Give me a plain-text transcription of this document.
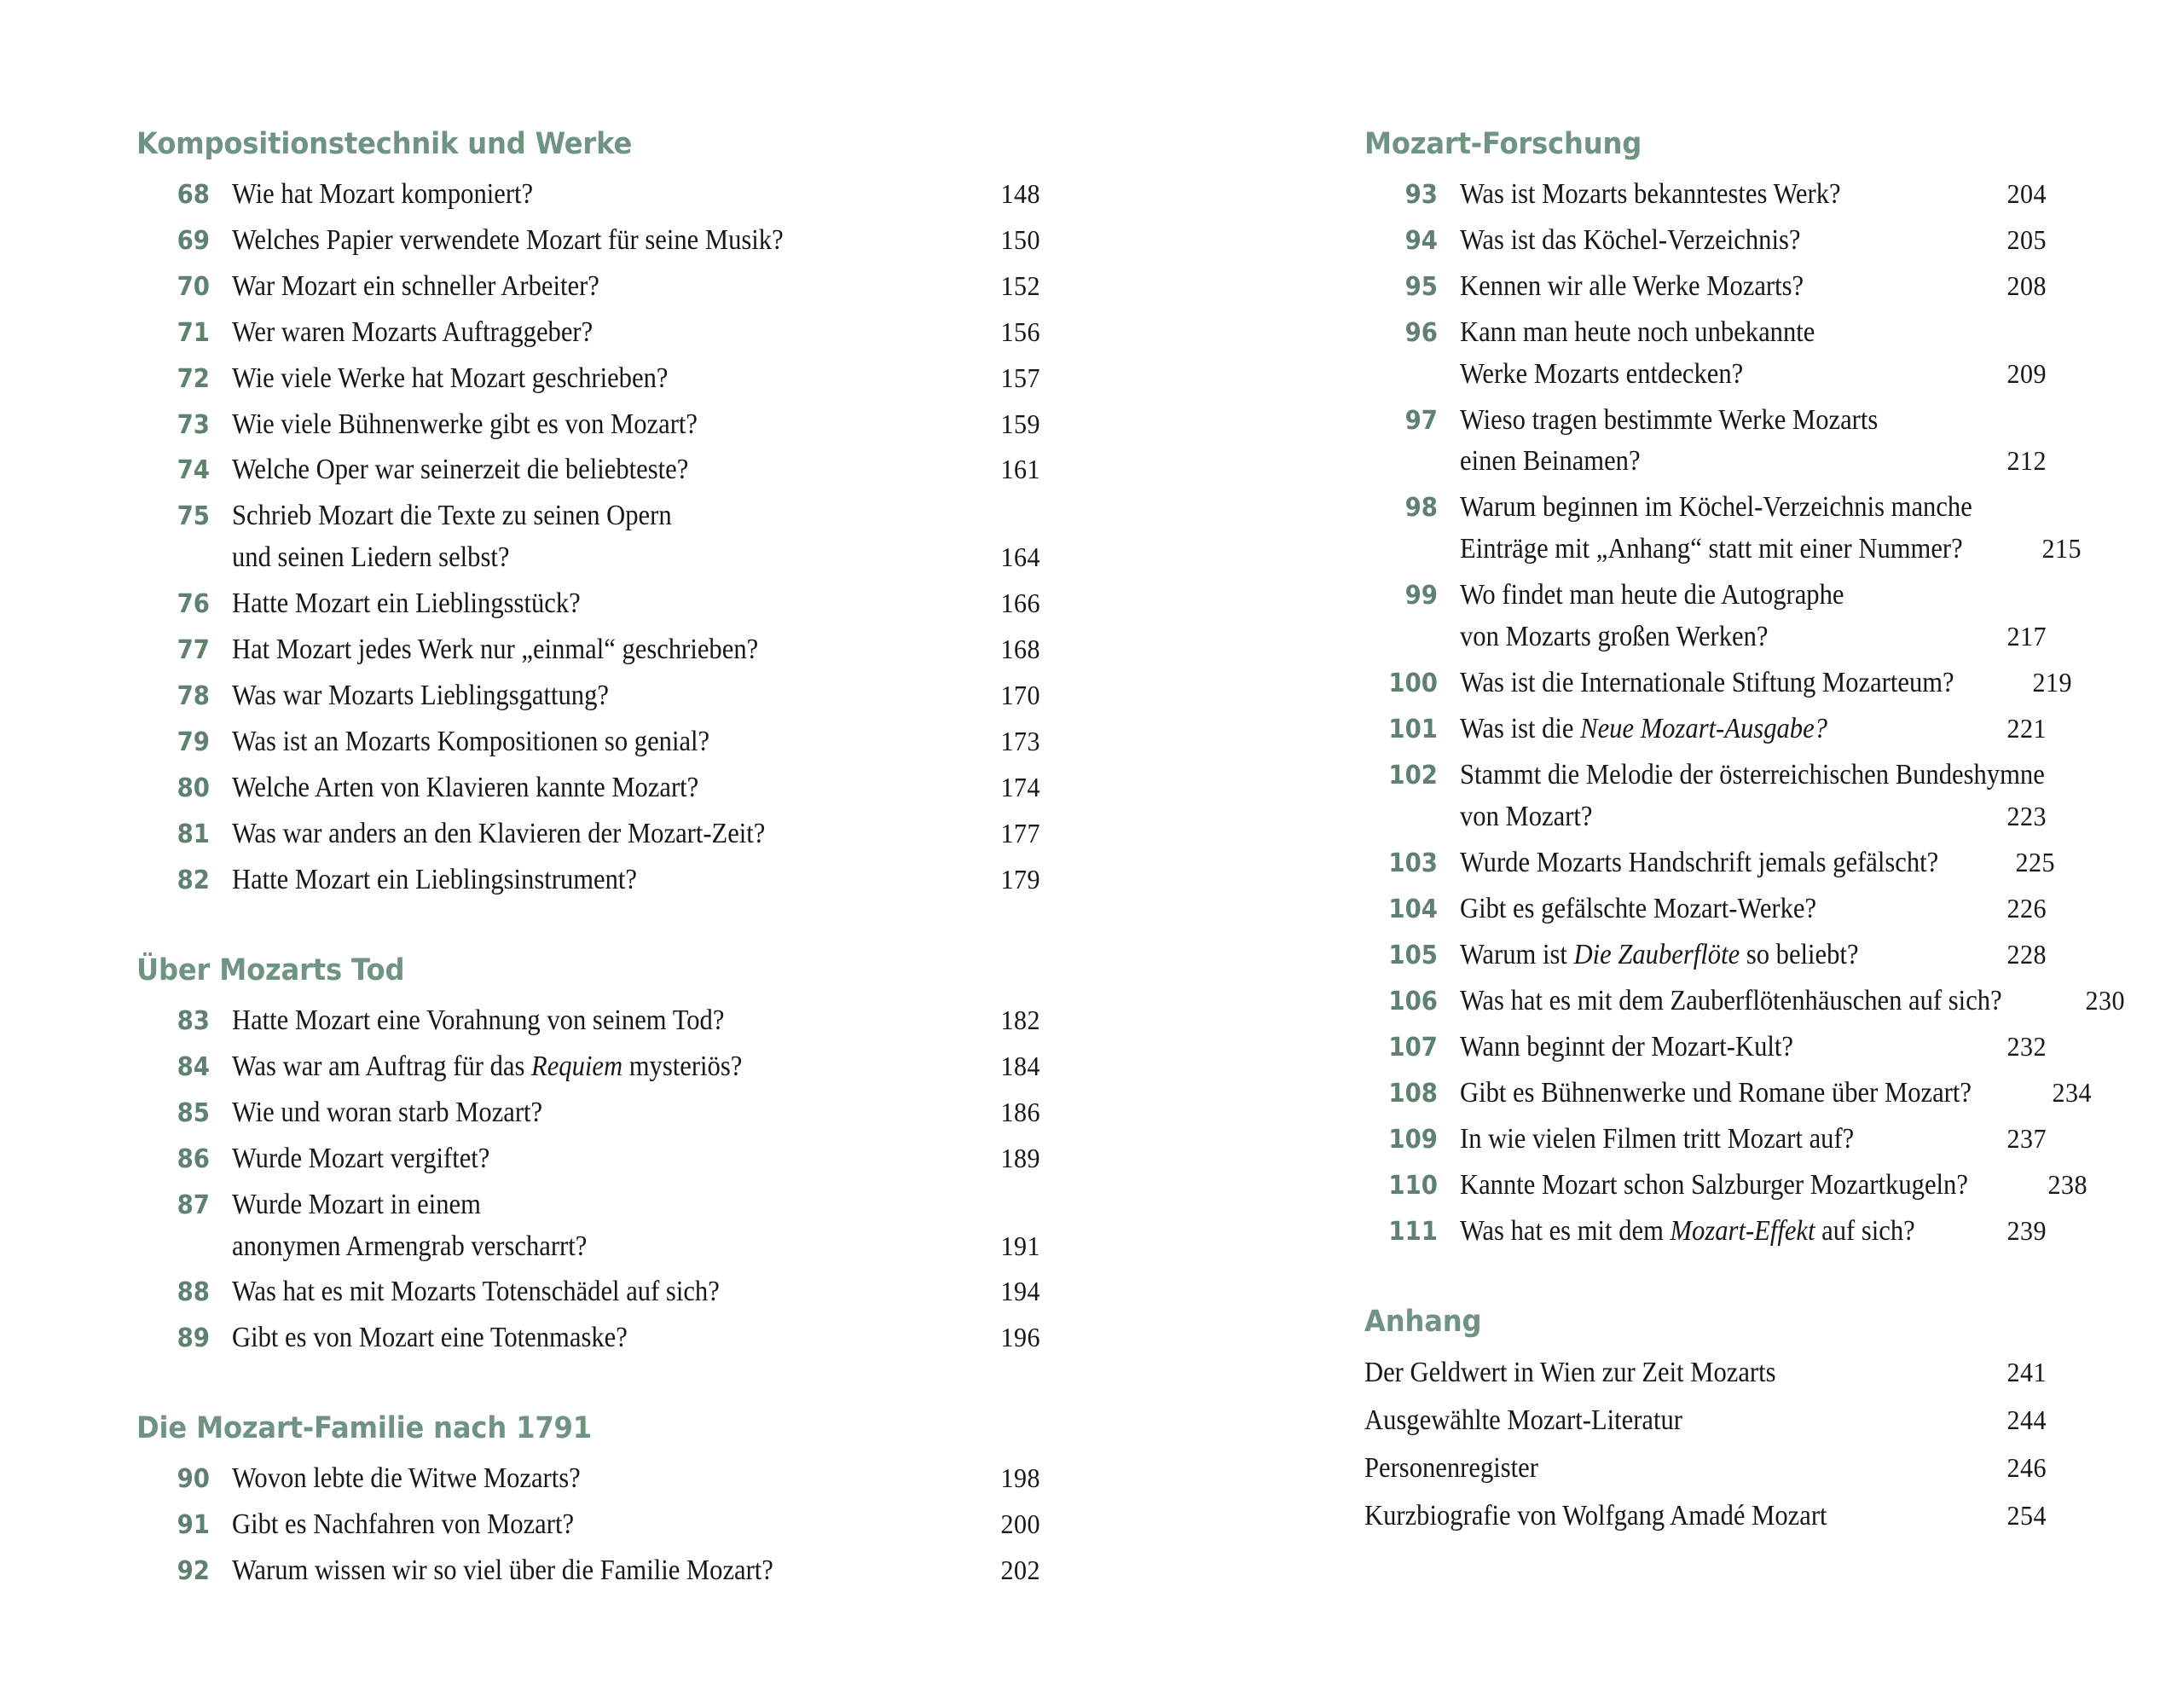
Kompositionstechnik und Werke
68 Wie hat Mozart komponiert?	148
69 Welches Papier verwendete Mozart für seine Musik?	150
70 War Mozart ein schneller Arbeiter?	152
71 Wer waren Mozarts Auftraggeber?	156
72 Wie viele Werke hat Mozart geschrieben?	157
73 Wie viele Bühnenwerke gibt es von Mozart?	159
74 Welche Oper war seinerzeit die beliebteste?	161
75 Schrieb Mozart die Texte zu seinen Opern
und seinen Liedern selbst?	164
76 Hatte Mozart ein Lieblingsstück?	166
77 Hat Mozart jedes Werk nur „einmal“ geschrieben?	168
78 Was war Mozarts Lieblingsgattung?	170
79 Was ist an Mozarts Kompositionen so genial?	173
80 Welche Arten von Klavieren kannte Mozart?	174
81 Was war anders an den Klavieren der Mozart-Zeit?	177
82 Hatte Mozart ein Lieblingsinstrument?	179
Über Mozarts Tod
83 Hatte Mozart eine Vorahnung von seinem Tod?	182
84 Was war am Auftrag für das Requiem mysteriös?	184
85 Wie und woran starb Mozart?	186
86 Wurde Mozart vergiftet?	189
87 Wurde Mozart in einem
anonymen Armengrab verscharrt?	191
88 Was hat es mit Mozarts Totenschädel auf sich?	194
89 Gibt es von Mozart eine Totenmaske?	196
Die Mozart-Familie nach 1791
90 Wovon lebte die Witwe Mozarts?	198
91 Gibt es Nachfahren von Mozart?	200
92 Warum wissen wir so viel über die Familie Mozart?	202
Mozart-Forschung
93 Was ist Mozarts bekanntestes Werk?	204
94 Was ist das Köchel-Verzeichnis?	205
95 Kennen wir alle Werke Mozarts?	208
96 Kann man heute noch unbekannte
Werke Mozarts entdecken?	209
97 Wieso tragen bestimmte Werke Mozarts
einen Beinamen?	212
98 Warum beginnen im Köchel-Verzeichnis manche
Einträge mit „Anhang“ statt mit einer Nummer?	215
99 Wo findet man heute die Autographe
von Mozarts großen Werken?	217
100 Was ist die Internationale Stiftung Mozarteum?	219
101 Was ist die Neue Mozart-Ausgabe?	221
102 Stammt die Melodie der österreichischen Bundeshymne
von Mozart?	223
103 Wurde Mozarts Handschrift jemals gefälscht?	225
104 Gibt es gefälschte Mozart-Werke?	226
105 Warum ist Die Zauberflöte so beliebt?	228
106 Was hat es mit dem Zauberflötenhäuschen auf sich?	230
107 Wann beginnt der Mozart-Kult?	232
108 Gibt es Bühnenwerke und Romane über Mozart?	234
109 In wie vielen Filmen tritt Mozart auf?	237
110 Kannte Mozart schon Salzburger Mozartkugeln?	238
111 Was hat es mit dem Mozart-Effekt auf sich?	239
Anhang
Der Geldwert in Wien zur Zeit Mozarts	241
Ausgewählte Mozart-Literatur	244
Personenregister	246
Kurzbiografie von Wolfgang Amadé Mozart	254
